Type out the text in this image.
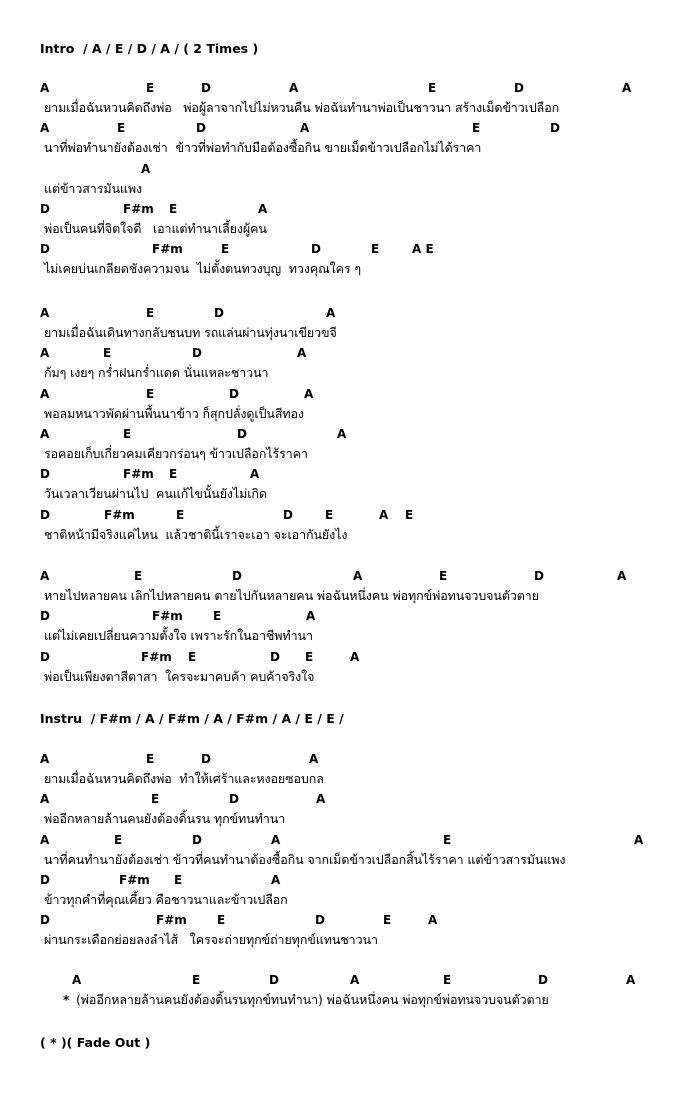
Intro  / A / E / D / A / ( 2 Times )
A	E	D	A	E	D	A
ยามเมื่อฉันหวนคิดถึงพ่อ   พ่อผู้ลาจากไปไม่หวนคืน พ่อฉันทำนาพ่อเป็นชาวนา สร้างเม็ดข้าวเปลือก
A	E	D	A	E	D
นาที่พ่อทำนายังต้องเช่า  ข้าวที่พ่อทำกับมือต้องซื้อกิน ขายเม็ดข้าวเปลือกไม่ได้ราคา
A
แต่ข้าวสารมันแพง
D	F#m E	A
พ่อเป็นคนที่จิตใจดี   เอาแต่ทำนาเลี้ยงผู้คน
D	F#m	E	D	E	A E
ไม่เคยบ่นเกลียดชังความจน  ไม่ตั้งตนทวงบุญ  ทวงคุณใคร ๆ
A	E	D	A
ยามเมื่อฉันเดินทางกลับชนบท รถแล่นผ่านทุ่งนาเขียวขจี
A	E	D	A
ก้มๆ เงยๆ กร่ำฝนกร่ำแดด นั่นแหละชาวนา
A	E	D	A
พอลมหนาวพัดผ่านพื้นนาข้าว ก็สุกปลั่งดูเป็นสีทอง
A	E	D	A
รอคอยเก็บเกี่ยวคมเคียวกร่อนๆ ข้าวเปลือกไร้ราคา
D	F#m E	A
วันเวลาเวียนผ่านไป  คนแก้ไขนั้นยังไม่เกิด
D	F#m	E	D	E	A E
ชาติหน้ามีจริงแค่ไหน  แล้วชาตินี้เราจะเอา จะเอากันยังไง
A	E	D	A	E	D	A
หายไปหลายคน เลิกไปหลายคน ตายไปกันหลายคน พ่อฉันหนึ่งคน พ่อทุกข์พ่อทนจวบจนตัวตาย
D	F#m	E	A
แต่ไม่เคยเปลี่ยนความตั้งใจ เพราะรักในอาชีพทำนา
D	F#m E	D E	A
พ่อเป็นเพียงตาสีตาสา  ใครจะมาคบค้า คบค้าจริงใจ
Instru  / F#m / A / F#m / A / F#m / A / E / E /
A	E	D	A
ยามเมื่อฉันหวนคิดถึงพ่อ  ทำให้เศร้าและหงอยซอบกล
A	E	D	A
พ่ออีกหลายล้านคนยังต้องดิ้นรน ทุกข์ทนทำนา
A	E	D	A	E	A
นาที่คนทำนายังต้องเช่า ข้าวที่คนทำนาต้องซื้อกิน จากเม็ดข้าวเปลือกสิ้นไร้ราคา แต่ข้าวสารมันแพง
D	F#m E	A
ข้าวทุกคำที่คุณเคี้ยว คือชาวนาและข้าวเปลือก
D	F#m	E	D	E	A
ผ่านกระเดือกย่อยลงลำไส้   ใครจะถ่ายทุกข์ถ่ายทุกข์แทนชาวนา
A	E	D	A	E	D	A
* (พ่ออีกหลายล้านคนยังต้องดิ้นรนทุกข์ทนทำนา) พ่อฉันหนึ่งคน พ่อทุกข์พ่อทนจวบจนตัวตาย
( * )( Fade Out )
